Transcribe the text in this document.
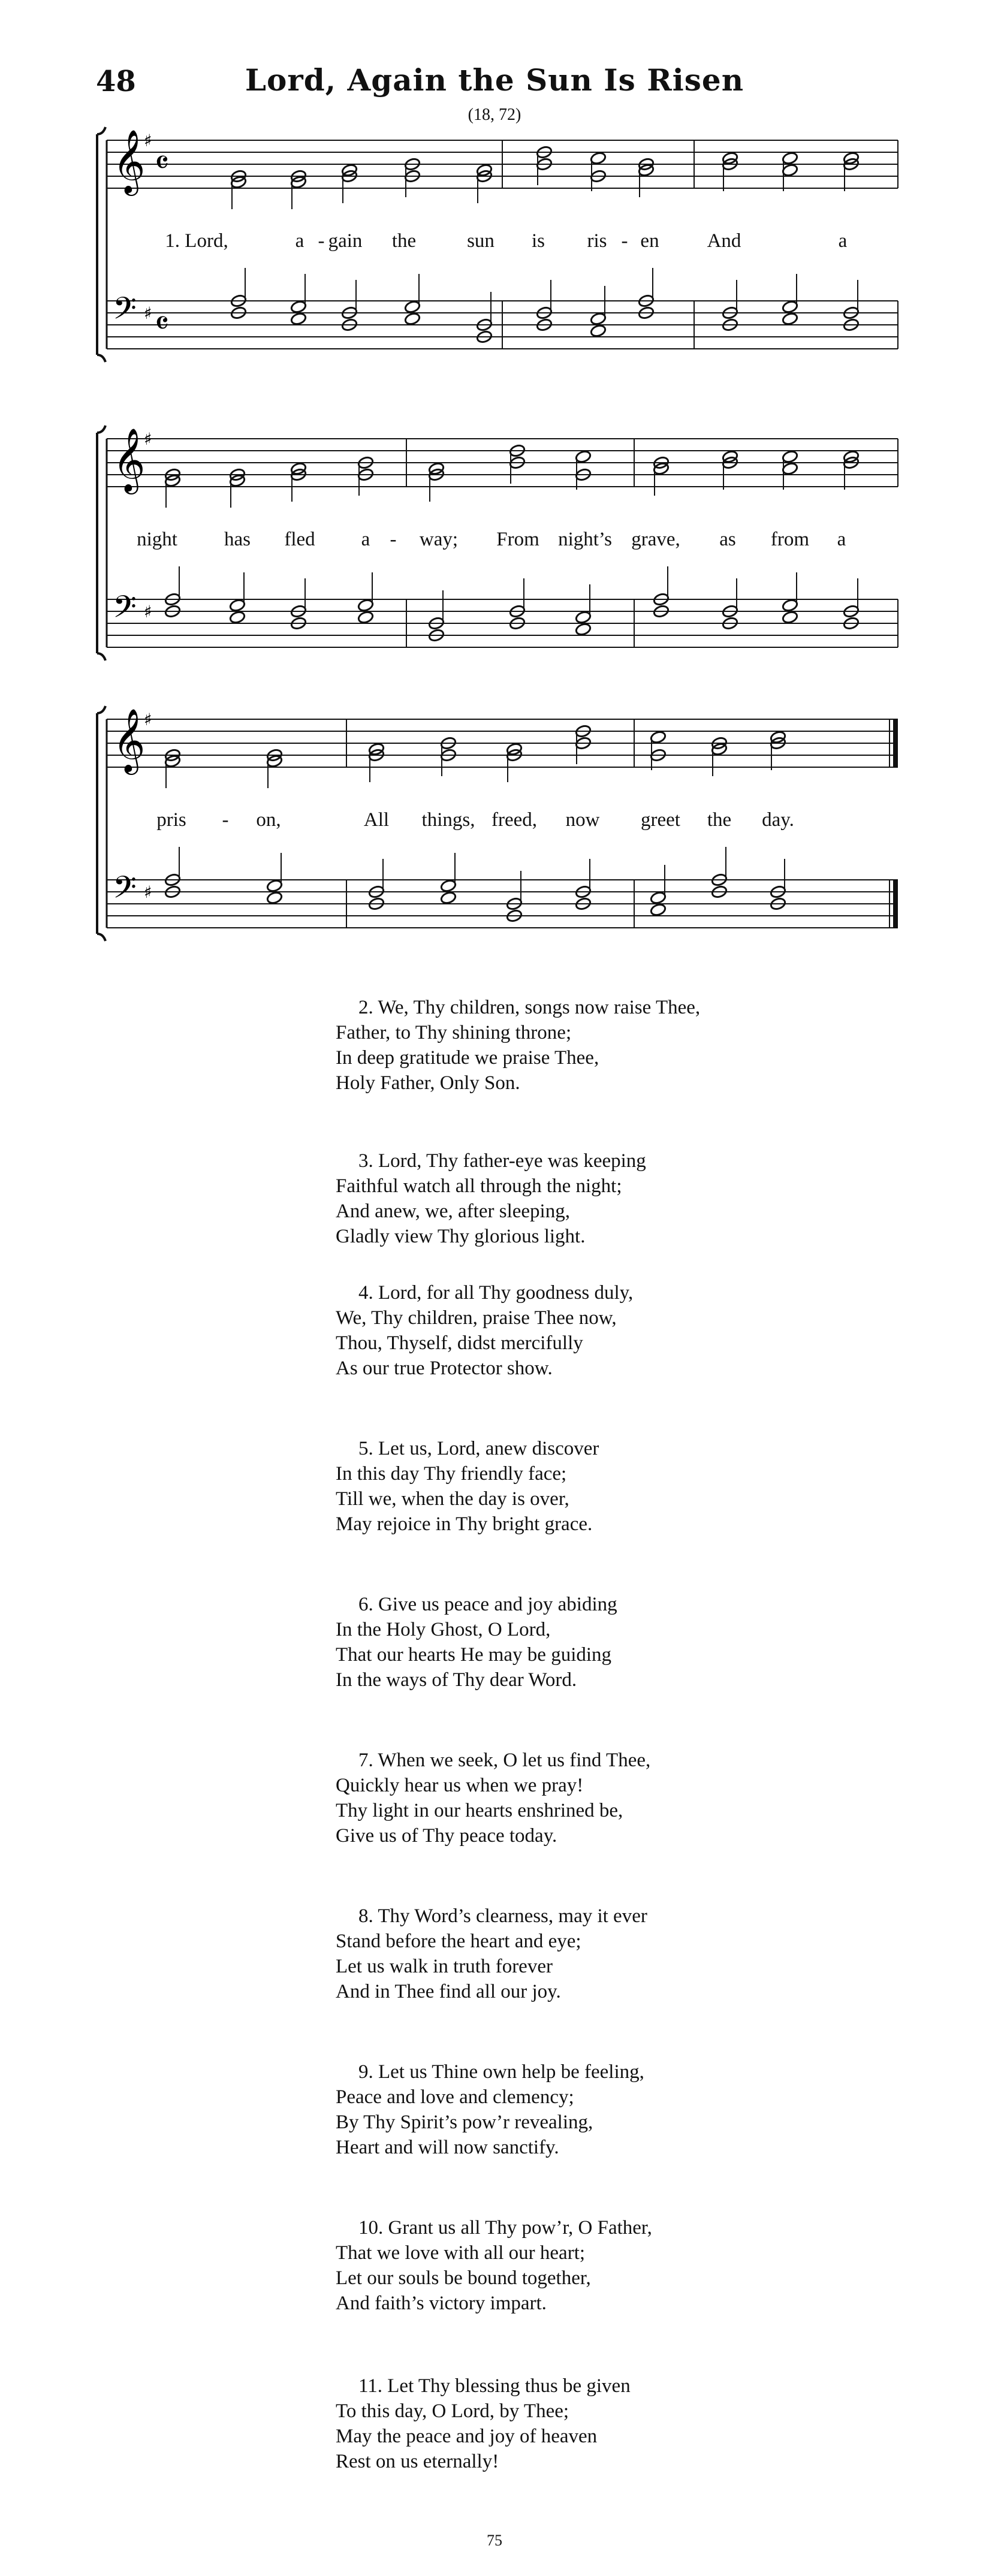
48	Lord, Again the Sun Is Risen
(18, 72)
𝄞
♯
𝄴
𝄢 ♯ 𝄴
1. Lord,	a - gain the	sun is ris - en And	a
𝄞
♯
𝄢 ♯
night has fled a - way; From night’s grave, as from a
𝄞
♯
𝄢 ♯
pris - on,	All things, freed, now greet the day.
2. We, Thy children, songs now raise Thee,
Father, to Thy shining throne;
In deep gratitude we praise Thee,
Holy Father, Only Son.
3. Lord, Thy father-eye was keeping
Faithful watch all through the night;
And anew, we, after sleeping,
Gladly view Thy glorious light.
4. Lord, for all Thy goodness duly,
We, Thy children, praise Thee now,
Thou, Thyself, didst mercifully
As our true Protector show.
5. Let us, Lord, anew discover
In this day Thy friendly face;
Till we, when the day is over,
May rejoice in Thy bright grace.
6. Give us peace and joy abiding
In the Holy Ghost, O Lord,
That our hearts He may be guiding
In the ways of Thy dear Word.
7. When we seek, O let us find Thee,
Quickly hear us when we pray!
Thy light in our hearts enshrined be,
Give us of Thy peace today.
8. Thy Word’s clearness, may it ever
Stand before the heart and eye;
Let us walk in truth forever
And in Thee find all our joy.
9. Let us Thine own help be feeling,
Peace and love and clemency;
By Thy Spirit’s pow’r revealing,
Heart and will now sanctify.
10. Grant us all Thy pow’r, O Father,
That we love with all our heart;
Let our souls be bound together,
And faith’s victory impart.
11. Let Thy blessing thus be given
To this day, O Lord, by Thee;
May the peace and joy of heaven
Rest on us eternally!
75
